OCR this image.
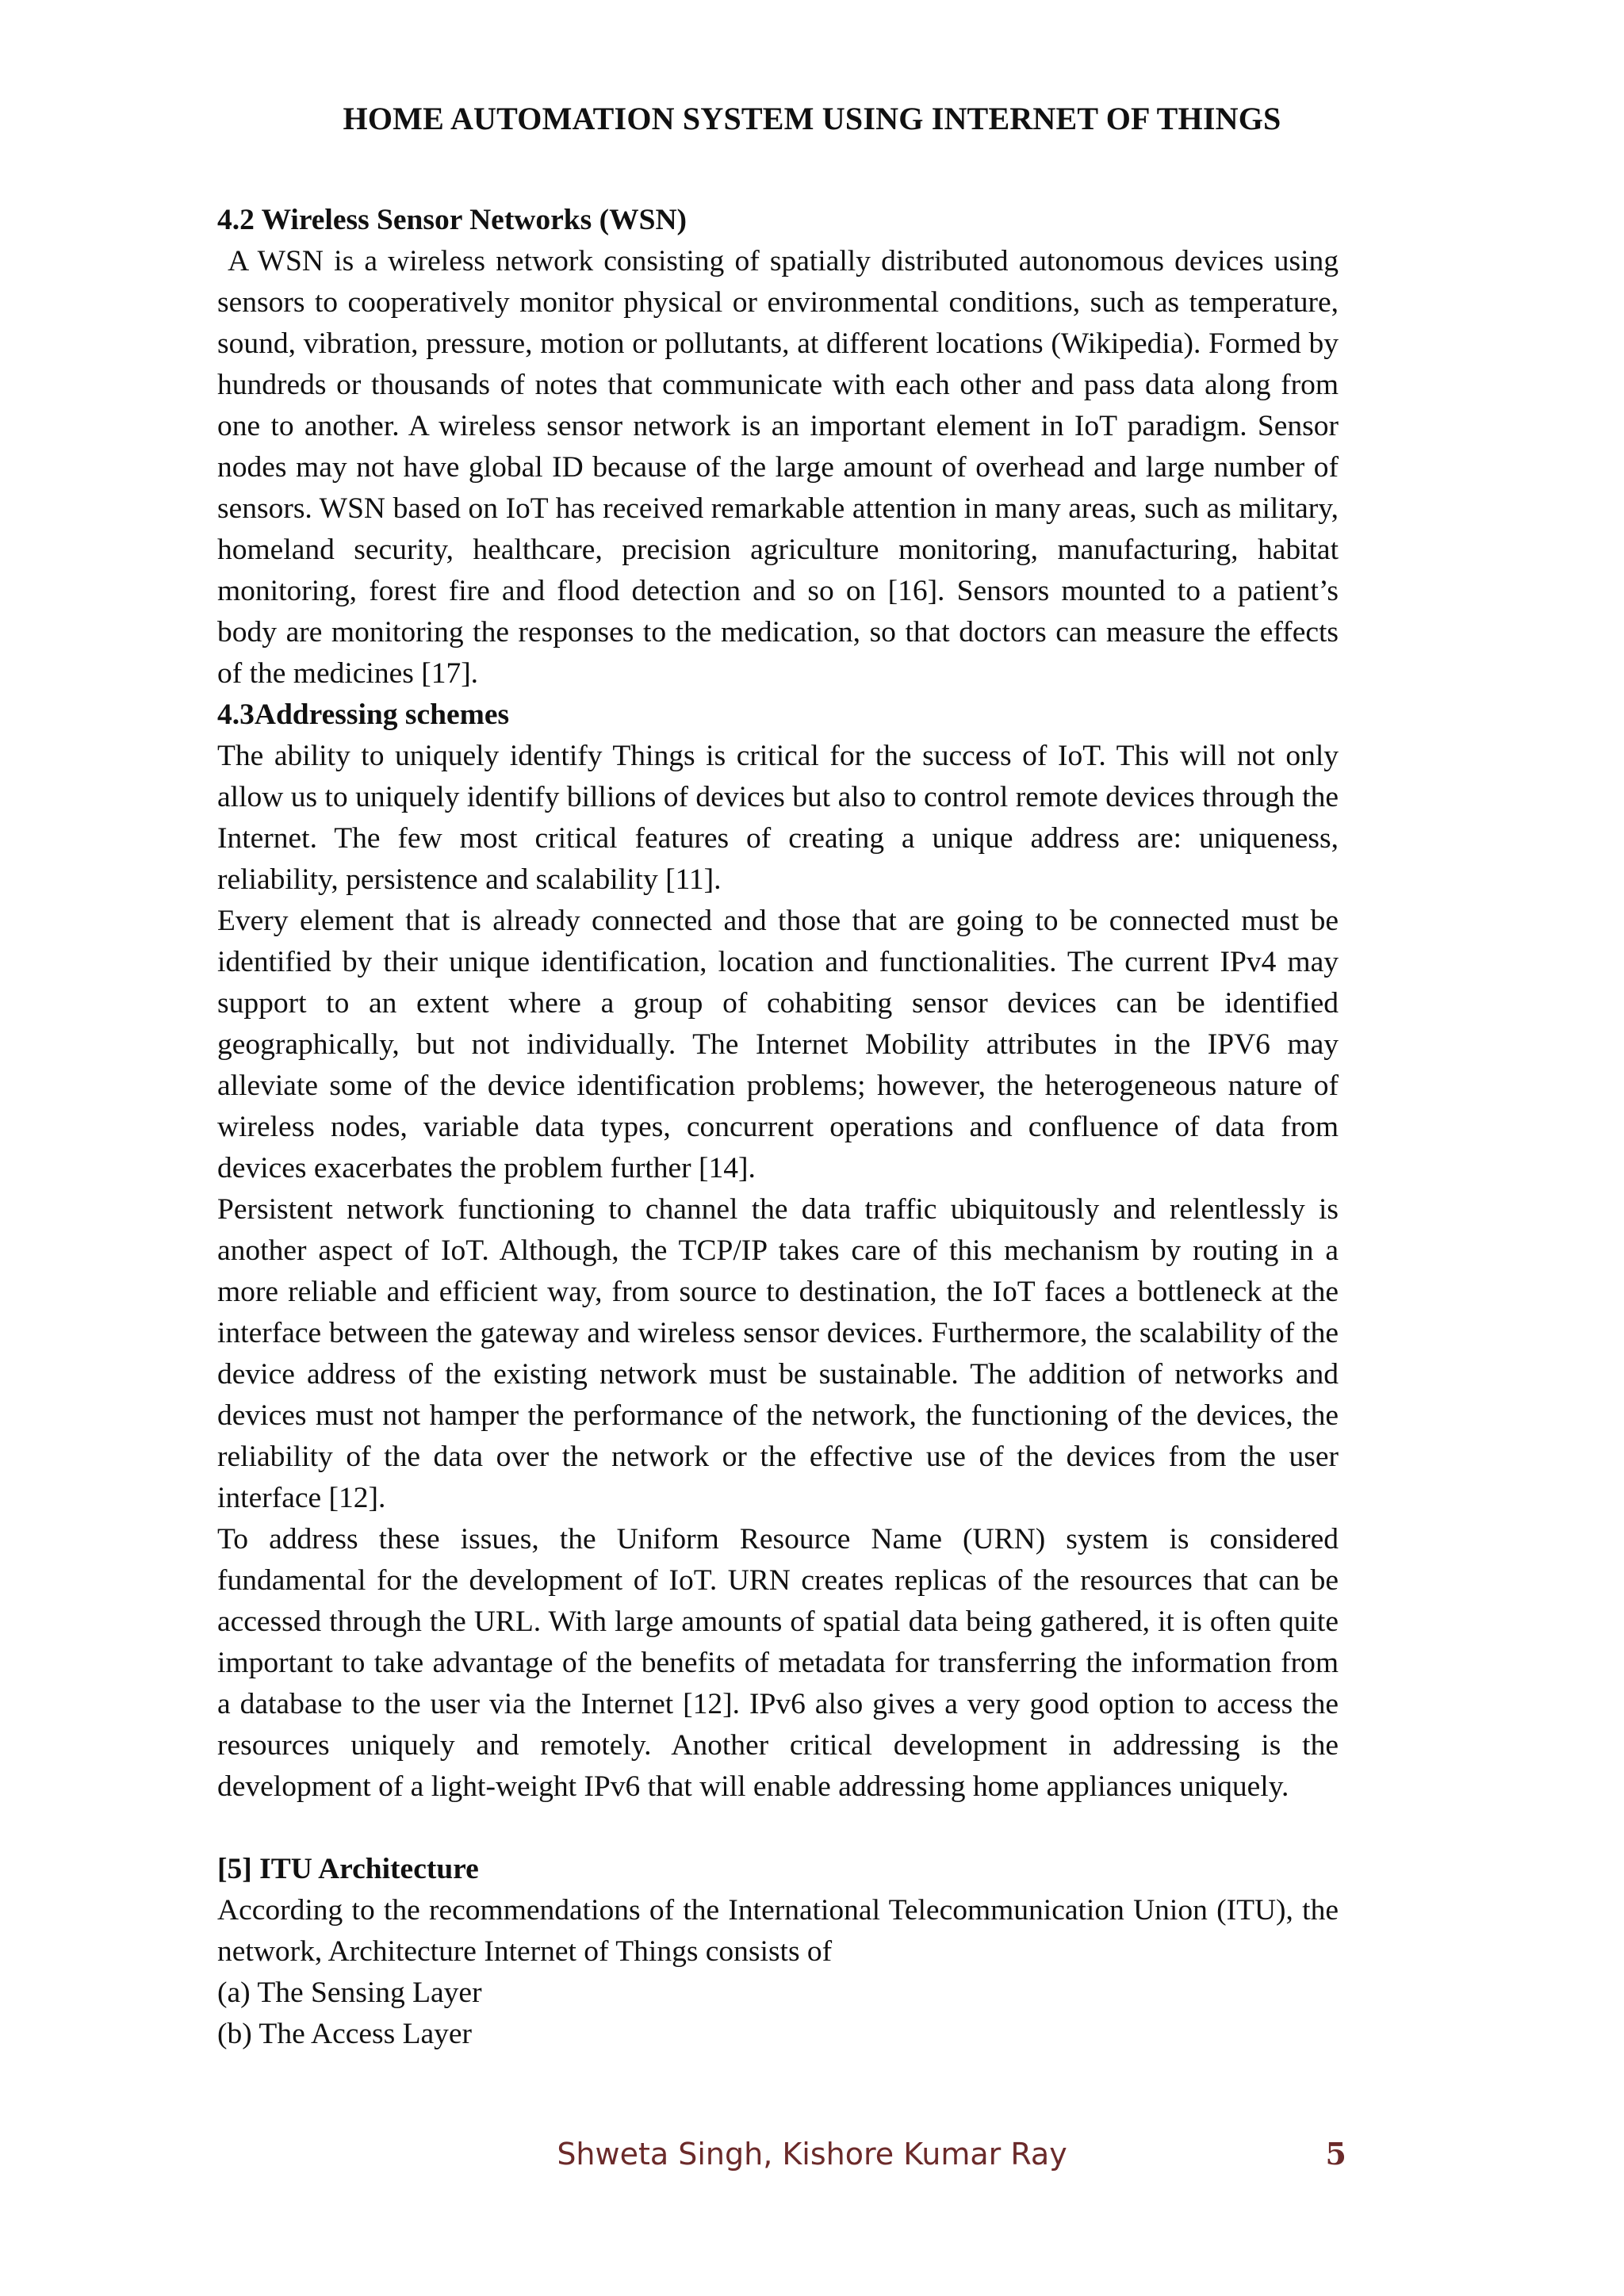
HOME AUTOMATION SYSTEM USING INTERNET OF THINGS
4.2 Wireless Sensor Networks (WSN)

A WSN is a wireless network consisting of spatially distributed autonomous devices using sensors to cooperatively monitor physical or environmental conditions, such as temperature, sound, vibration, pressure, motion or pollutants, at different locations (Wikipedia). Formed by hundreds or thousands of notes that communicate with each other and pass data along from one to another. A wireless sensor network is an important element in IoT paradigm. Sensor nodes may not have global ID because of the large amount of overhead and large number of sensors. WSN based on IoT has received remarkable attention in many areas, such as military, homeland security, healthcare, precision agriculture monitoring, manufacturing, habitat monitoring, forest fire and flood detection and so on [16]. Sensors mounted to a patient’s body are monitoring the responses to the medication, so that doctors can measure the effects of the medicines [17].

4.3Addressing schemes

The ability to uniquely identify Things is critical for the success of IoT. This will not only allow us to uniquely identify billions of devices but also to control remote devices through the Internet. The few most critical features of creating a unique address are: uniqueness, reliability, persistence and scalability [11].

Every element that is already connected and those that are going to be connected must be identified by their unique identification, location and functionalities. The current IPv4 may support to an extent where a group of cohabiting sensor devices can be identified geographically, but not individually. The Internet Mobility attributes in the IPV6 may alleviate some of the device identification problems; however, the heterogeneous nature of wireless nodes, variable data types, concurrent operations and confluence of data from devices exacerbates the problem further [14].

Persistent network functioning to channel the data traffic ubiquitously and relentlessly is another aspect of IoT. Although, the TCP/IP takes care of this mechanism by routing in a more reliable and efficient way, from source to destination, the IoT faces a bottleneck at the interface between the gateway and wireless sensor devices. Furthermore, the scalability of the device address of the existing network must be sustainable. The addition of networks and devices must not hamper the performance of the network, the functioning of the devices, the reliability of the data over the network or the effective use of the devices from the user interface [12].

To address these issues, the Uniform Resource Name (URN) system is considered fundamental for the development of IoT. URN creates replicas of the resources that can be accessed through the URL. With large amounts of spatial data being gathered, it is often quite important to take advantage of the benefits of metadata for transferring the information from a database to the user via the Internet [12]. IPv6 also gives a very good option to access the resources uniquely and remotely. Another critical development in addressing is the development of a light-weight IPv6 that will enable addressing home appliances uniquely.

[5] ITU Architecture

According to the recommendations of the International Telecommunication Union (ITU), the network, Architecture Internet of Things consists of

(a) The Sensing Layer

(b) The Access Layer

Shweta Singh, Kishore Kumar Ray	5
